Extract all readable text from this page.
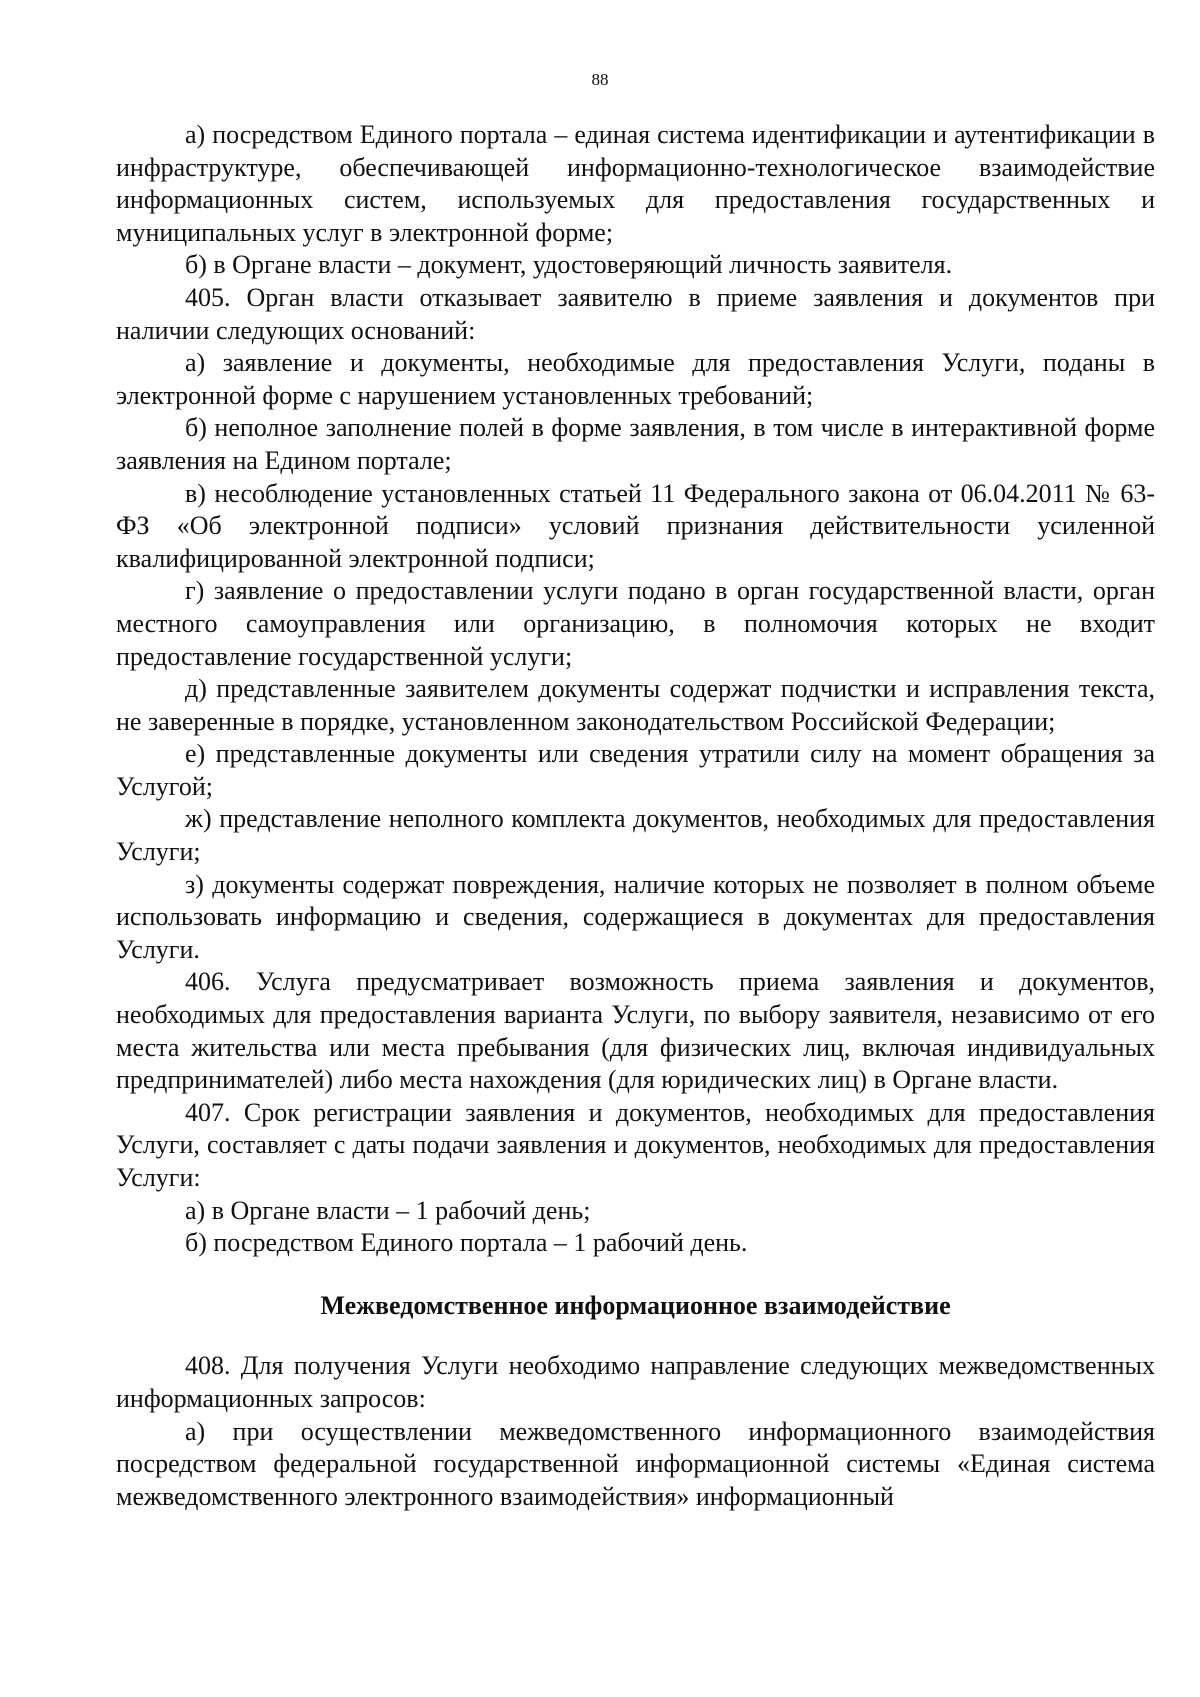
88

а) посредством Единого портала – единая система идентификации и аутентификации в инфраструктуре, обеспечивающей информационно-технологическое взаимодействие информационных систем, используемых для предоставления государственных и муниципальных услуг в электронной форме;

б) в Органе власти – документ, удостоверяющий личность заявителя.

405. Орган власти отказывает заявителю в приеме заявления и документов при наличии следующих оснований:

а) заявление и документы, необходимые для предоставления Услуги, поданы в электронной форме с нарушением установленных требований;

б) неполное заполнение полей в форме заявления, в том числе в интерактивной форме заявления на Едином портале;

в) несоблюдение установленных статьей 11 Федерального закона от 06.04.2011 № 63-ФЗ «Об электронной подписи» условий признания действительности усиленной квалифицированной электронной подписи;

г) заявление о предоставлении услуги подано в орган государственной власти, орган местного самоуправления или организацию, в полномочия которых не входит предоставление государственной услуги;

д) представленные заявителем документы содержат подчистки и исправления текста, не заверенные в порядке, установленном законодательством Российской Федерации;

е) представленные документы или сведения утратили силу на момент обращения за Услугой;

ж) представление неполного комплекта документов, необходимых для предоставления Услуги;

з) документы содержат повреждения, наличие которых не позволяет в полном объеме использовать информацию и сведения, содержащиеся в документах для предоставления Услуги.

406. Услуга предусматривает возможность приема заявления и документов, необходимых для предоставления варианта Услуги, по выбору заявителя, независимо от его места жительства или места пребывания (для физических лиц, включая индивидуальных предпринимателей) либо места нахождения (для юридических лиц) в Органе власти.

407. Срок регистрации заявления и документов, необходимых для предоставления Услуги, составляет с даты подачи заявления и документов, необходимых для предоставления Услуги:

а) в Органе власти – 1 рабочий день;

б) посредством Единого портала – 1 рабочий день.

Межведомственное информационное взаимодействие

408. Для получения Услуги необходимо направление следующих межведомственных информационных запросов:

а) при осуществлении межведомственного информационного взаимодействия посредством федеральной государственной информационной системы «Единая система межведомственного электронного взаимодействия» информационный
